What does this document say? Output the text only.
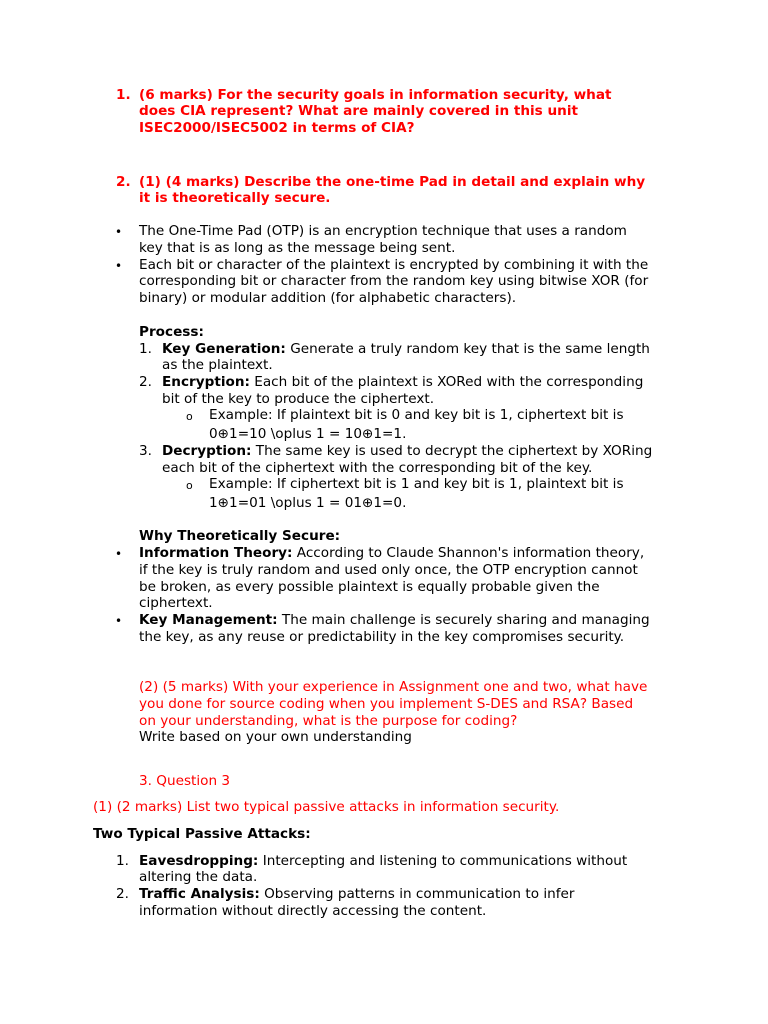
1. (6 marks) For the security goals in information security, what
does CIA represent? What are mainly covered in this unit
ISEC2000/ISEC5002 in terms of CIA?
2. (1) (4 marks) Describe the one-time Pad in detail and explain why
it is theoretically secure.
• The One-Time Pad (OTP) is an encryption technique that uses a random
key that is as long as the message being sent.
• Each bit or character of the plaintext is encrypted by combining it with the
corresponding bit or character from the random key using bitwise XOR (for
binary) or modular addition (for alphabetic characters).
Process:
1. Key Generation: Generate a truly random key that is the same length
as the plaintext.
2. Encryption: Each bit of the plaintext is XORed with the corresponding
bit of the key to produce the ciphertext.
o Example: If plaintext bit is 0 and key bit is 1, ciphertext bit is
0⊕1=10 \oplus 1 = 10⊕1=1.
3. Decryption: The same key is used to decrypt the ciphertext by XORing
each bit of the ciphertext with the corresponding bit of the key.
o Example: If ciphertext bit is 1 and key bit is 1, plaintext bit is
1⊕1=01 \oplus 1 = 01⊕1=0.
Why Theoretically Secure:
• Information Theory: According to Claude Shannon's information theory,
if the key is truly random and used only once, the OTP encryption cannot
be broken, as every possible plaintext is equally probable given the
ciphertext.
• Key Management: The main challenge is securely sharing and managing
the key, as any reuse or predictability in the key compromises security.
(2) (5 marks) With your experience in Assignment one and two, what have
you done for source coding when you implement S-DES and RSA? Based
on your understanding, what is the purpose for coding?
Write based on your own understanding
3. Question 3
(1) (2 marks) List two typical passive attacks in information security.
Two Typical Passive Attacks:
1. Eavesdropping: Intercepting and listening to communications without
altering the data.
2. Traffic Analysis: Observing patterns in communication to infer
information without directly accessing the content.
